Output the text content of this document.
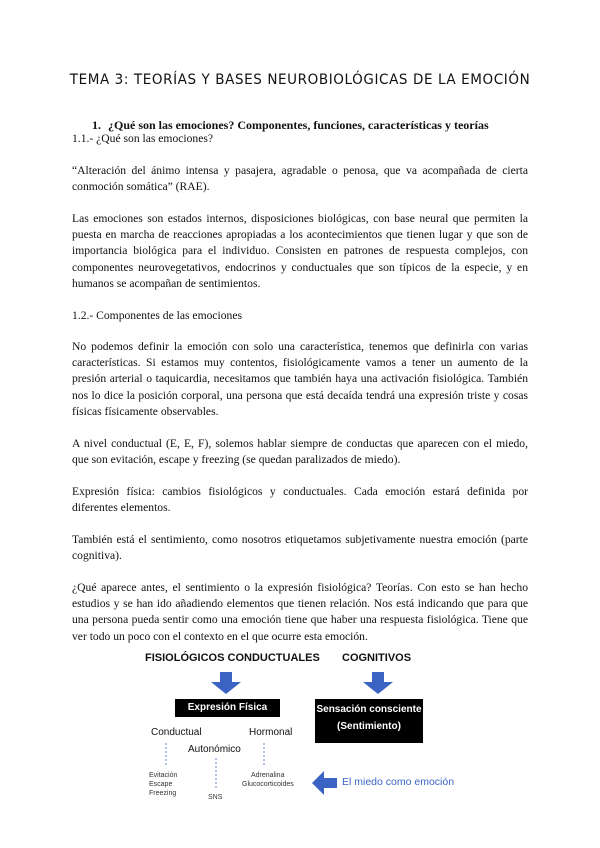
TEMA 3: TEORÍAS Y BASES NEUROBIOLÓGICAS DE LA EMOCIÓN
1. ¿Qué son las emociones? Componentes, funciones, características y teorías
1.1.- ¿Qué son las emociones?

“Alteración del ánimo intensa y pasajera, agradable o penosa, que va acompañada de cierta conmoción somática” (RAE).

Las emociones son estados internos, disposiciones biológicas, con base neural que permiten la puesta en marcha de reacciones apropiadas a los acontecimientos que tienen lugar y que son de importancia biológica para el individuo. Consisten en patrones de respuesta complejos, con componentes neurovegetativos, endocrinos y conductuales que son típicos de la especie, y en humanos se acompañan de sentimientos.

1.2.- Componentes de las emociones

No podemos definir la emoción con solo una característica, tenemos que definirla con varias características. Si estamos muy contentos, fisiológicamente vamos a tener un aumento de la presión arterial o taquicardia, necesitamos que también haya una activación fisiológica. También nos lo dice la posición corporal, una persona que está decaída tendrá una expresión triste y cosas físicas físicamente observables.

A nivel conductual (E, E, F), solemos hablar siempre de conductas que aparecen con el miedo, que son evitación, escape y freezing (se quedan paralizados de miedo).

Expresión física: cambios fisiológicos y conductuales. Cada emoción estará definida por diferentes elementos.

También está el sentimiento, como nosotros etiquetamos subjetivamente nuestra emoción (parte cognitiva).

¿Qué aparece antes, el sentimiento o la expresión fisiológica? Teorías. Con esto se han hecho estudios y se han ido añadiendo elementos que tienen relación. Nos está indicando que para que una persona pueda sentir como una emoción tiene que haber una respuesta fisiológica. Tiene que ver todo un poco con el contexto en el que ocurre esta emoción.

FISIOLÓGICOS CONDUCTUALES COGNITIVOS
Expresión Física	Sensación consciente
(Sentimiento)
Conductual	Hormonal
Autonómico
Evitación
Escape
Freezing
SNS
Adrenalina
Glucocorticoides	El miedo como emoción
